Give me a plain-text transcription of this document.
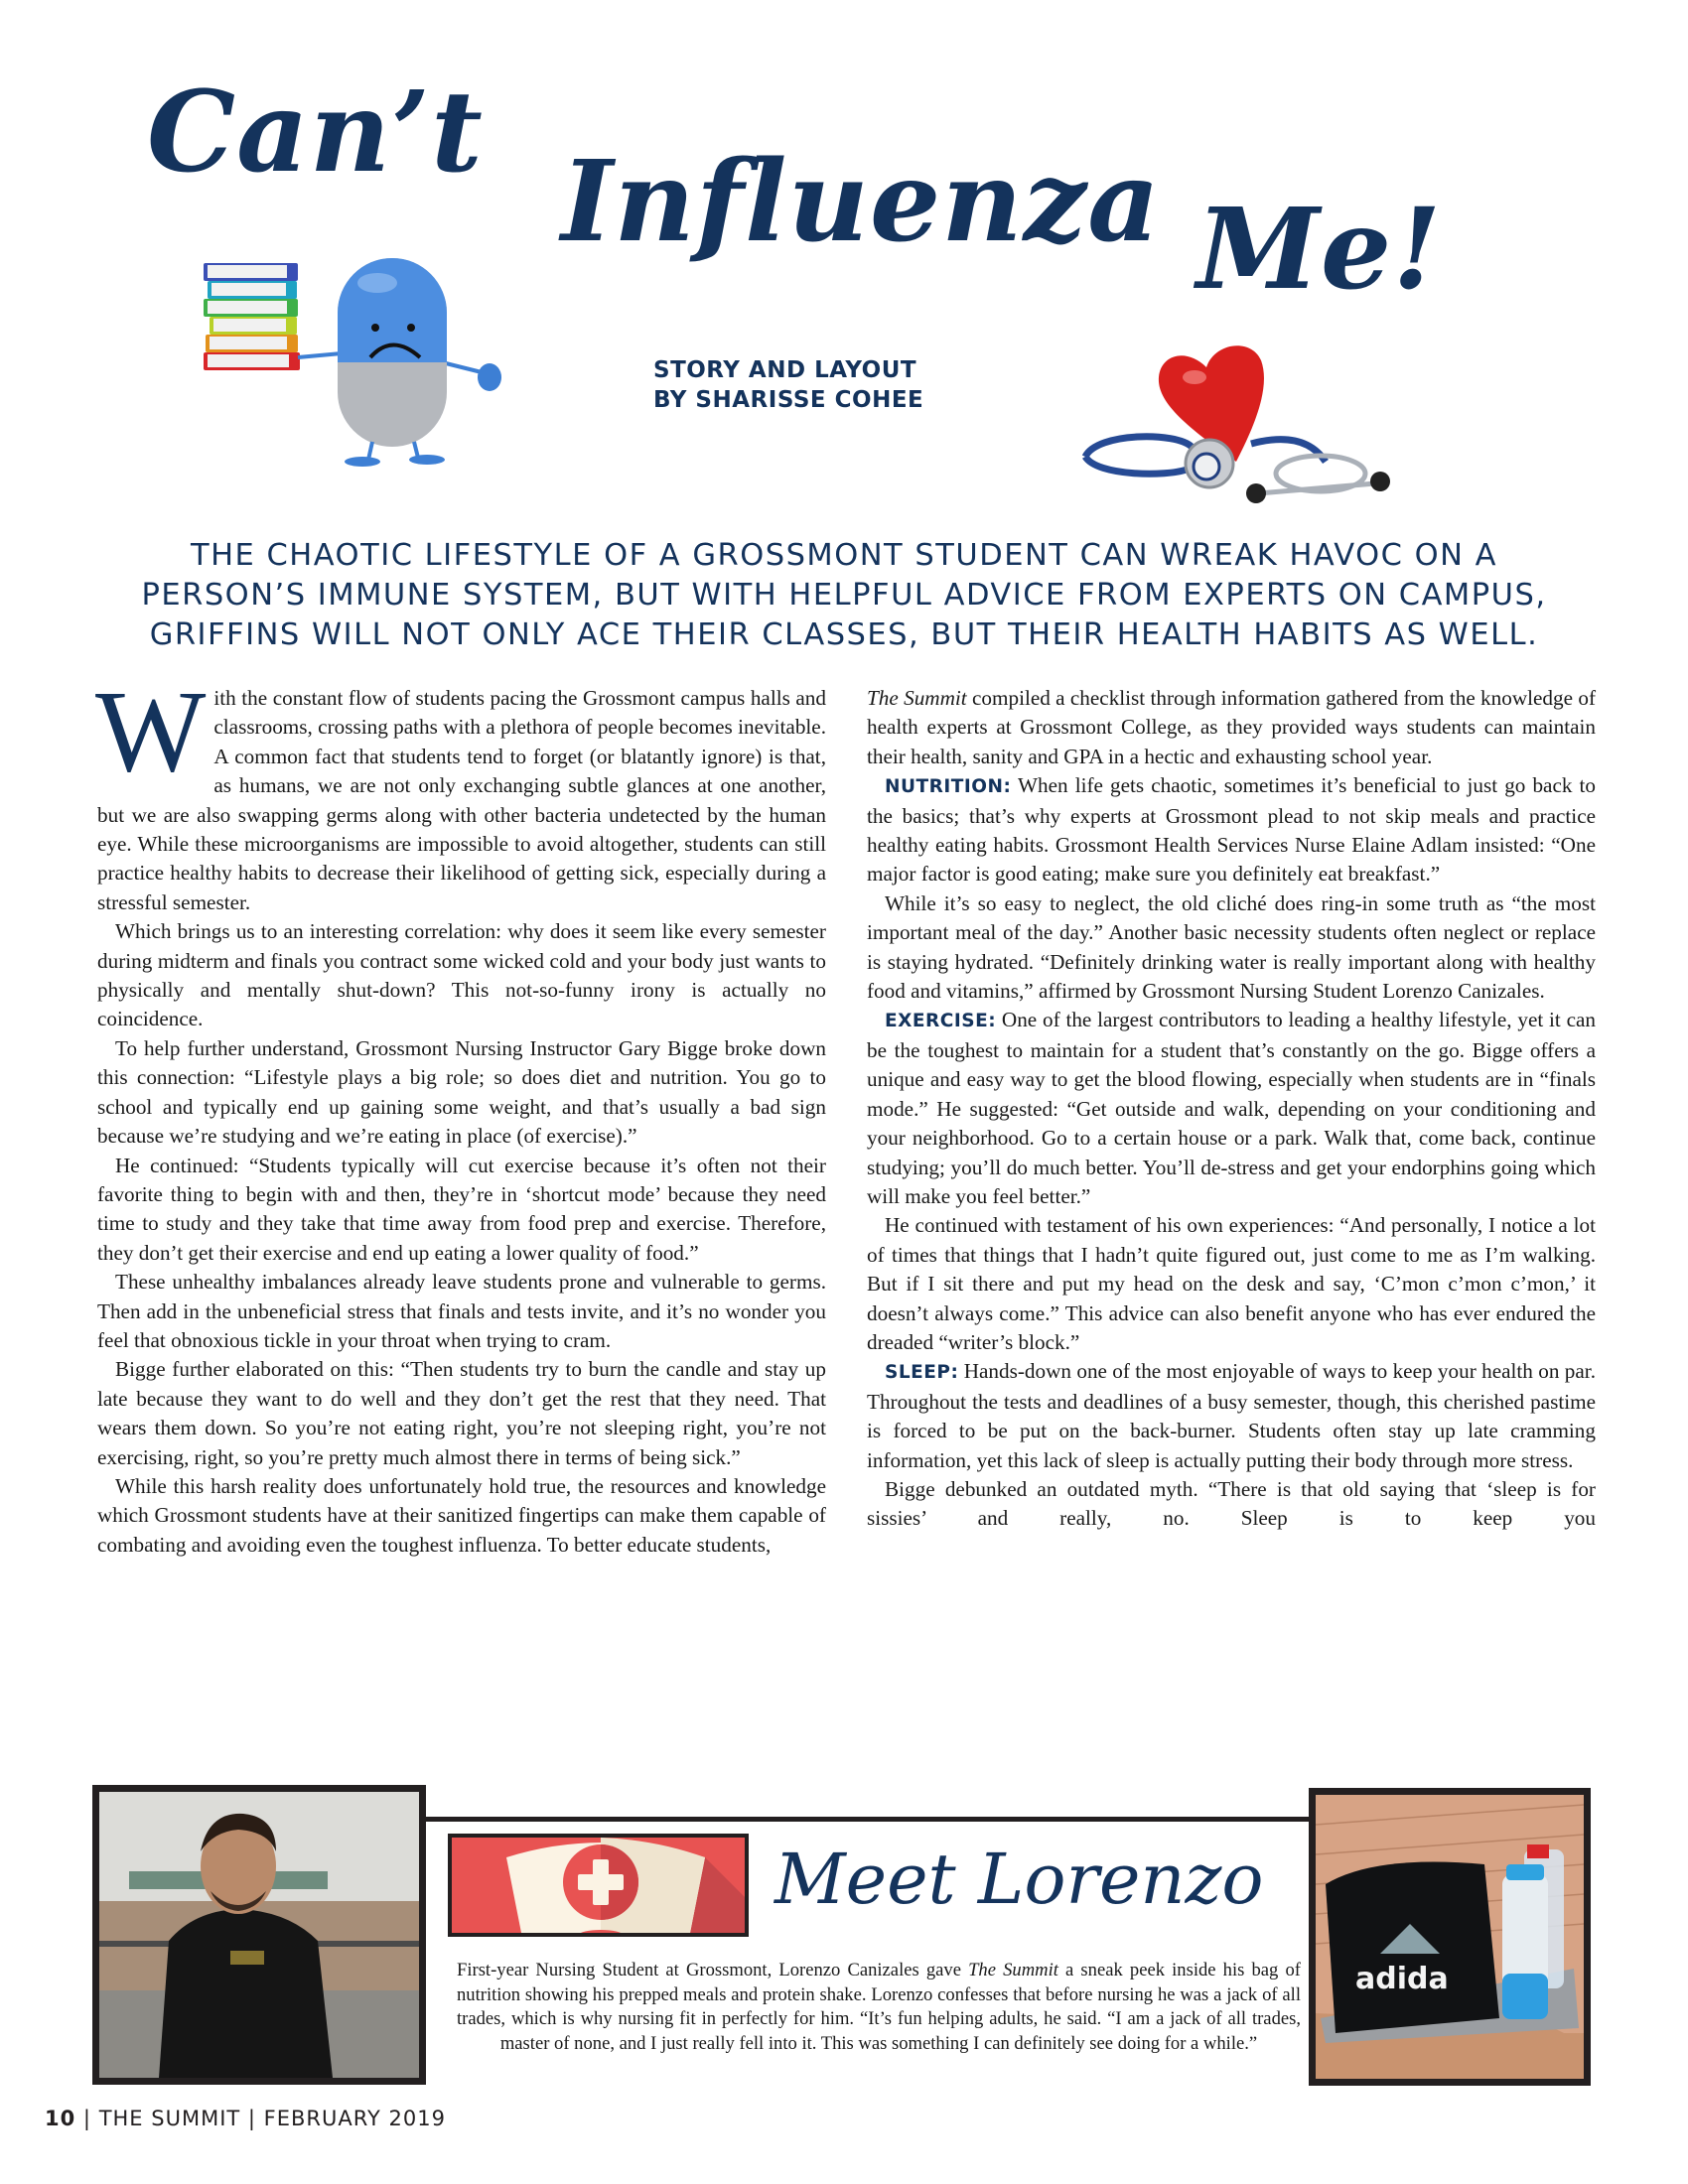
Can’t
Influenza Me!
STORY AND LAYOUT
BY SHARISSE COHEE
THE CHAOTIC LIFESTYLE OF A GROSSMONT STUDENT CAN WREAK HAVOC ON A
PERSON’S IMMUNE SYSTEM, BUT WITH HELPFUL ADVICE FROM EXPERTS ON CAMPUS,
GRIFFINS WILL NOT ONLY ACE THEIR CLASSES, BUT THEIR HEALTH HABITS AS WELL.

With the constant flow of students pacing the Grossmont campus halls and classrooms, crossing paths with a plethora of people becomes inevitable. A common fact that students tend to forget (or blatantly ignore) is that, as humans, we are not only exchanging subtle glances at one another, but we are also swapping germs along with other bacteria undetected by the human eye. While these microorganisms are impossible to avoid altogether, students can still practice healthy habits to decrease their likelihood of getting sick, especially during a stressful semester.

Which brings us to an interesting correlation: why does it seem like every semester during midterm and finals you contract some wicked cold and your body just wants to physically and mentally shut-down? This not-so-funny irony is actually no coincidence.

To help further understand, Grossmont Nursing Instructor Gary Bigge broke down this connection: “Lifestyle plays a big role; so does diet and nutrition. You go to school and typically end up gaining some weight, and that’s usually a bad sign because we’re studying and we’re eating in place (of exercise).”

He continued: “Students typically will cut exercise because it’s often not their favorite thing to begin with and then, they’re in ‘shortcut mode’ because they need time to study and they take that time away from food prep and exercise. Therefore, they don’t get their exercise and end up eating a lower quality of food.”

These unhealthy imbalances already leave students prone and vulnerable to germs. Then add in the unbeneficial stress that finals and tests invite, and it’s no wonder you feel that obnoxious tickle in your throat when trying to cram.

Bigge further elaborated on this: “Then students try to burn the candle and stay up late because they want to do well and they don’t get the rest that they need. That wears them down. So you’re not eating right, you’re not sleeping right, you’re not exercising, right, so you’re pretty much almost there in terms of being sick.”

While this harsh reality does unfortunately hold true, the resources and knowledge which Grossmont students have at their sanitized fingertips can make them capable of combating and avoiding even the toughest influenza. To better educate students,

The Summit compiled a checklist through information gathered from the knowledge of health experts at Grossmont College, as they provided ways students can maintain their health, sanity and GPA in a hectic and exhausting school year.

NUTRITION: When life gets chaotic, sometimes it’s beneficial to just go back to the basics; that’s why experts at Grossmont plead to not skip meals and practice healthy eating habits. Grossmont Health Services Nurse Elaine Adlam insisted: “One major factor is good eating; make sure you definitely eat breakfast.”

While it’s so easy to neglect, the old cliché does ring-in some truth as “the most important meal of the day.” Another basic necessity students often neglect or replace is staying hydrated. “Definitely drinking water is really important along with healthy food and vitamins,” affirmed by Grossmont Nursing Student Lorenzo Canizales.

EXERCISE: One of the largest contributors to leading a healthy lifestyle, yet it can be the toughest to maintain for a student that’s constantly on the go. Bigge offers a unique and easy way to get the blood flowing, especially when students are in “finals mode.” He suggested: “Get outside and walk, depending on your conditioning and your neighborhood. Go to a certain house or a park. Walk that, come back, continue studying; you’ll do much better. You’ll de-stress and get your endorphins going which will make you feel better.”

He continued with testament of his own experiences: “And personally, I notice a lot of times that things that I hadn’t quite figured out, just come to me as I’m walking. But if I sit there and put my head on the desk and say, ‘C’mon c’mon c’mon,’ it doesn’t always come.” This advice can also benefit anyone who has ever endured the dreaded “writer’s block.”

SLEEP: Hands-down one of the most enjoyable of ways to keep your health on par. Throughout the tests and deadlines of a busy semester, though, this cherished pastime is forced to be put on the back-burner. Students often stay up late cramming information, yet this lack of sleep is actually putting their body through more stress.

Bigge debunked an outdated myth. “There is that old saying that ‘sleep is for sissies’ and really, no. Sleep is to keep you

Meet Lorenzo
First-year Nursing Student at Grossmont, Lorenzo Canizales gave The Summit a sneak peek inside his bag of nutrition showing his prepped meals and protein shake. Lorenzo confesses that before nursing he was a jack of all trades, which is why nursing fit in perfectly for him. “It’s fun helping adults, he said. “I am a jack of all trades, master of none, and I just really fell into it. This was something I can definitely see doing for a while.”
adida
10 | THE SUMMIT | FEBRUARY 2019
